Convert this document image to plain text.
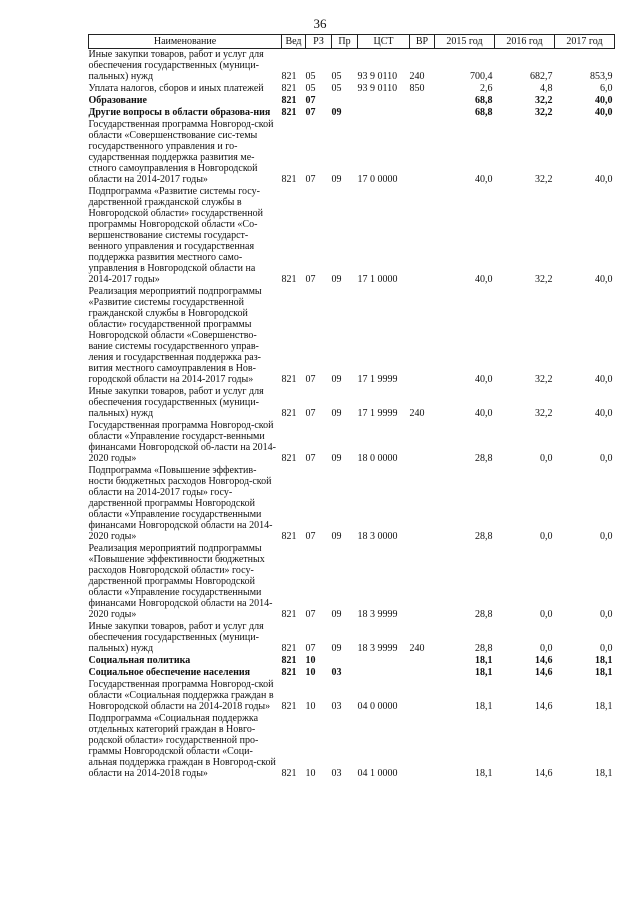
36
Наименование	Вед	РЗ	Пр	ЦСТ	ВР	2015 год	2016 год	2017 год
Иные закупки товаров, работ и услуг для обеспечения государственных (муници-пальных) нужд	821	05	05	93 9 0110	240	700,4	682,7	853,9
Уплата налогов, сборов и иных платежей	821	05	05	93 9 0110	850	2,6	4,8	6,0
Образование	821	07				68,8	32,2	40,0
Другие вопросы в области образова-ния	821	07	09			68,8	32,2	40,0
Государственная программа Новгород-ской области «Совершенствование сис-темы государственного управления и го-сударственная поддержка развития ме-стного самоуправления в Новгородской области на 2014-2017 годы»	821	07	09	17 0 0000		40,0	32,2	40,0
Подпрограмма «Развитие системы госу-дарственной гражданской службы в Новгородской области» государственной программы Новгородской области «Со-вершенствование системы государст-венного управления и государственная поддержка развития местного само-управления в Новгородской области на 2014-2017 годы»	821	07	09	17 1 0000		40,0	32,2	40,0
Реализация мероприятий подпрограммы «Развитие системы государственной гражданской службы в Новгородской области» государственной программы Новгородской области «Совершенство-вание системы государственного управ-ления и государственная поддержка раз-вития местного самоуправления в Нов-городской области на 2014-2017 годы»	821	07	09	17 1 9999		40,0	32,2	40,0
Иные закупки товаров, работ и услуг для обеспечения государственных (муници-пальных) нужд	821	07	09	17 1 9999	240	40,0	32,2	40,0
Государственная программа Новгород-ской области «Управление государст-венными финансами Новгородской об-ласти на 2014-2020 годы»	821	07	09	18 0 0000		28,8	0,0	0,0
Подпрограмма «Повышение эффектив-ности бюджетных расходов Новгород-ской области на 2014-2017 годы» госу-дарственной программы Новгородской области «Управление государственными финансами Новгородской области на 2014-2020 годы»	821	07	09	18 3 0000		28,8	0,0	0,0
Реализация мероприятий подпрограммы «Повышение эффективности бюджетных расходов Новгородской области» госу-дарственной программы Новгородской области «Управление государственными финансами Новгородской области на 2014-2020 годы»	821	07	09	18 3 9999		28,8	0,0	0,0
Иные закупки товаров, работ и услуг для обеспечения государственных (муници-пальных) нужд	821	07	09	18 3 9999	240	28,8	0,0	0,0
Социальная политика	821	10				18,1	14,6	18,1
Социальное обеспечение населения	821	10	03			18,1	14,6	18,1
Государственная программа Новгород-ской области «Социальная поддержка граждан в Новгородской области на 2014-2018 годы»	821	10	03	04 0 0000		18,1	14,6	18,1
Подпрограмма «Социальная поддержка отдельных категорий граждан в Новго-родской области» государственной про-граммы Новгородской области «Соци-альная поддержка граждан в Новгород-ской области на 2014-2018 годы»	821	10	03	04 1 0000		18,1	14,6	18,1
